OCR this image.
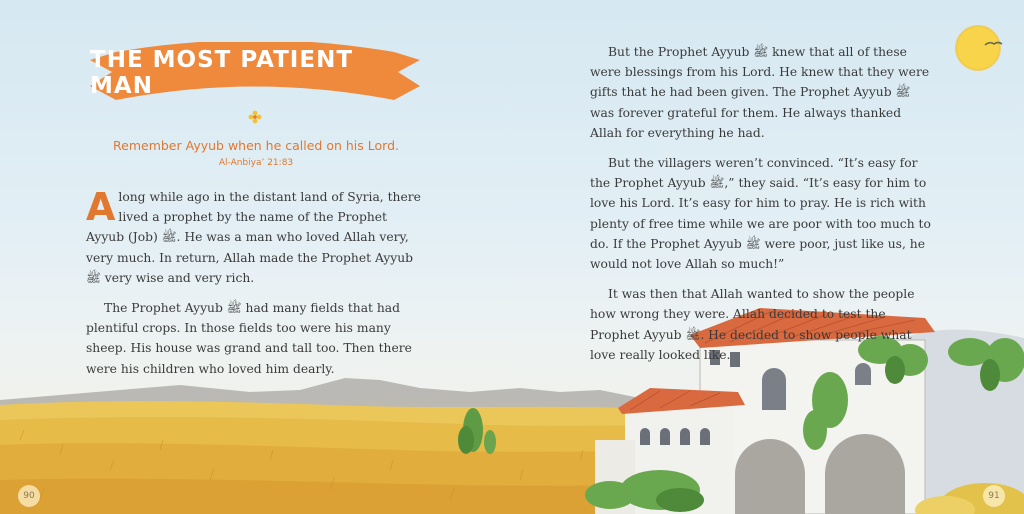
THE MOST PATIENT MAN
Remember Ayyub when he called on his Lord.
Al-Anbiya’ 21:83

A long while ago in the distant land of Syria, there lived a prophet by the name of the Prophet Ayyub (Job) ﷺ. He was a man who loved Allah very, very much. In return, Allah made the Prophet Ayyub ﷺ very wise and very rich.

The Prophet Ayyub ﷺ had many fields that had plentiful crops. In those fields too were his many sheep. His house was grand and tall too. Then there were his children who loved him dearly.

But the Prophet Ayyub ﷺ knew that all of these were blessings from his Lord. He knew that they were gifts that he had been given. The Prophet Ayyub ﷺ was forever grateful for them. He always thanked Allah for everything he had.

But the villagers weren’t convinced. “It’s easy for the Prophet Ayyub ﷺ,” they said. “It’s easy for him to love his Lord. It’s easy for him to pray. He is rich with plenty of free time while we are poor with too much to do. If the Prophet Ayyub ﷺ were poor, just like us, he would not love Allah so much!”

It was then that Allah wanted to show the people how wrong they were. Allah decided to test the Prophet Ayyub ﷺ. He decided to show people what love really looked like.

90	91
